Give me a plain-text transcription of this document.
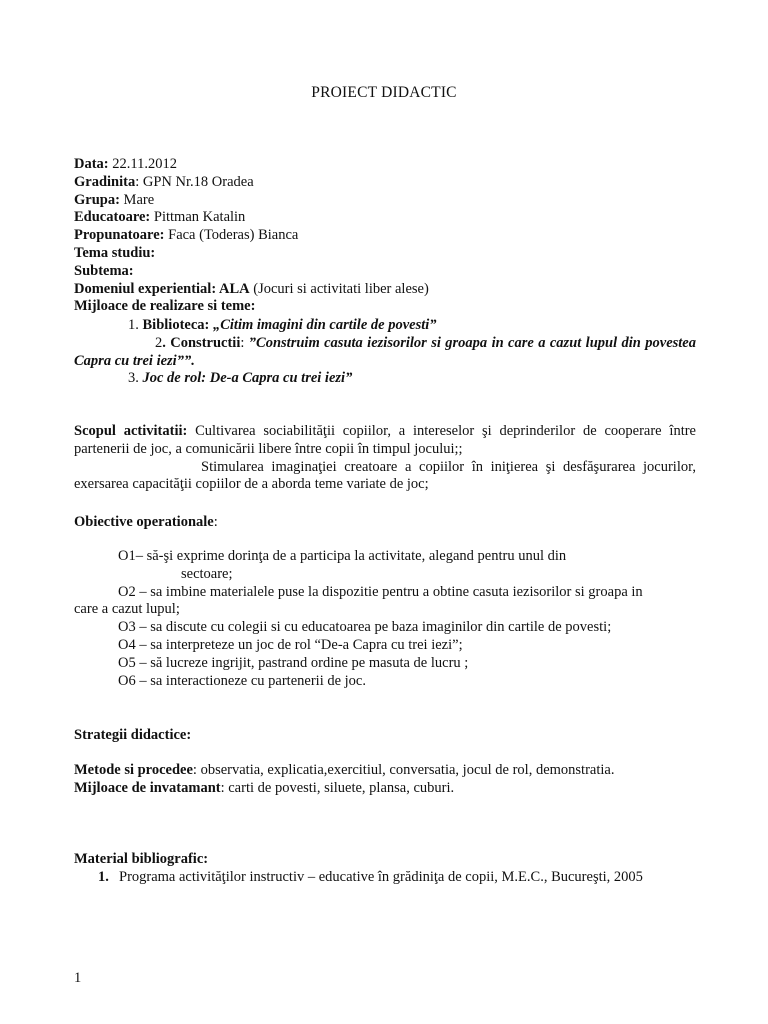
PROIECT DIDACTIC
Data: 22.11.2012
Gradinita: GPN Nr.18 Oradea
Grupa: Mare
Educatoare: Pittman Katalin
Propunatoare: Faca (Toderas) Bianca
Tema studiu:
Subtema:
Domeniul experiential: ALA (Jocuri si activitati liber alese)
Mijloace de realizare si teme:
1. Biblioteca: „Citim imagini din cartile de povesti”
2. Constructii: ”Construim casuta iezisorilor si groapa in care a cazut lupul din povestea Capra cu trei iezi””.
3. Joc de rol: De-a Capra cu trei iezi”
Scopul activitatii: Cultivarea sociabilităţii copiilor, a intereselor şi deprinderilor de cooperare între partenerii de joc, a comunicării libere între copii în timpul jocului;;
Stimularea imaginaţiei creatoare a copiilor în iniţierea şi desfăşurarea jocurilor, exersarea capacităţii copiilor de a aborda teme variate de joc;
Obiective operationale:
O1– să-şi exprime dorinţa de a participa la activitate, alegand pentru unul din
sectoare;
O2 – sa imbine materialele puse la dispozitie pentru a obtine casuta iezisorilor si groapa in
care a cazut lupul;
O3 – sa discute cu colegii si cu educatoarea pe baza imaginilor din cartile de povesti;
O4 – sa interpreteze un joc de rol “De-a Capra cu trei iezi”;
O5 – să lucreze ingrijit, pastrand ordine pe masuta de lucru ;
O6 – sa interactioneze cu partenerii de joc.
Strategii didactice:
Metode si procedee: observatia, explicatia,exercitiul, conversatia, jocul de rol, demonstratia.
Mijloace de invatamant: carti de povesti, siluete, plansa, cuburi.
Material bibliografic:
1. Programa activităţilor instructiv – educative în grădiniţa de copii, M.E.C., Bucureşti, 2005
1
